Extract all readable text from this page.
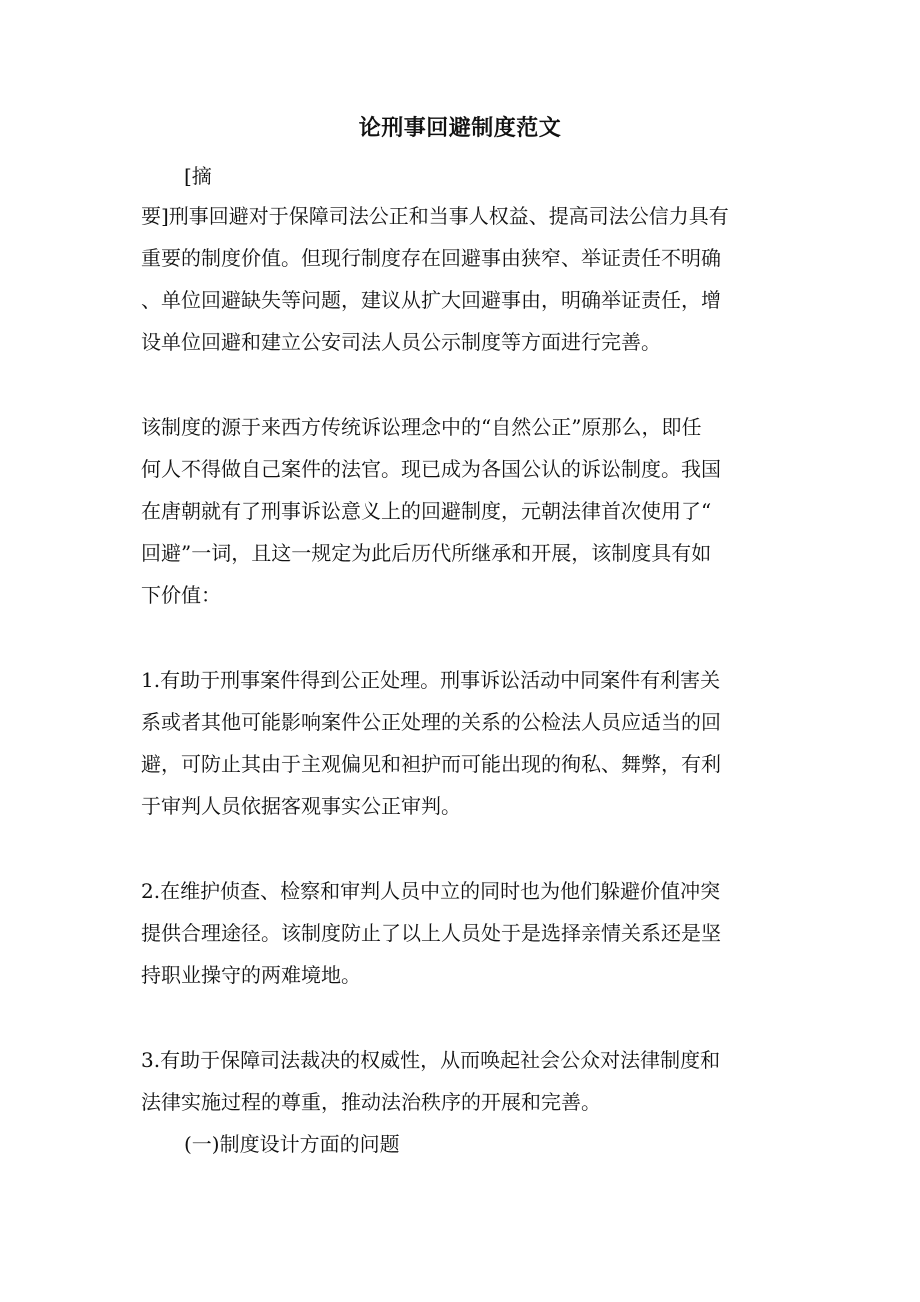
论刑事回避制度范文
[摘
要]刑事回避对于保障司法公正和当事人权益、提高司法公信力具有
重要的制度价值。但现行制度存在回避事由狭窄、举证责任不明确
、单位回避缺失等问题，建议从扩大回避事由，明确举证责任，增
设单位回避和建立公安司法人员公示制度等方面进行完善。
该制度的源于来西方传统诉讼理念中的“自然公正”原那么，即任
何人不得做自己案件的法官。现已成为各国公认的诉讼制度。我国
在唐朝就有了刑事诉讼意义上的回避制度，元朝法律首次使用了“
回避”一词，且这一规定为此后历代所继承和开展，该制度具有如
下价值：
1.有助于刑事案件得到公正处理。刑事诉讼活动中同案件有利害关
系或者其他可能影响案件公正处理的关系的公检法人员应适当的回
避，可防止其由于主观偏见和袒护而可能出现的徇私、舞弊，有利
于审判人员依据客观事实公正审判。
2.在维护侦查、检察和审判人员中立的同时也为他们躲避价值冲突
提供合理途径。该制度防止了以上人员处于是选择亲情关系还是坚
持职业操守的两难境地。
3.有助于保障司法裁决的权威性，从而唤起社会公众对法律制度和
法律实施过程的尊重，推动法治秩序的开展和完善。
(一)制度设计方面的问题
